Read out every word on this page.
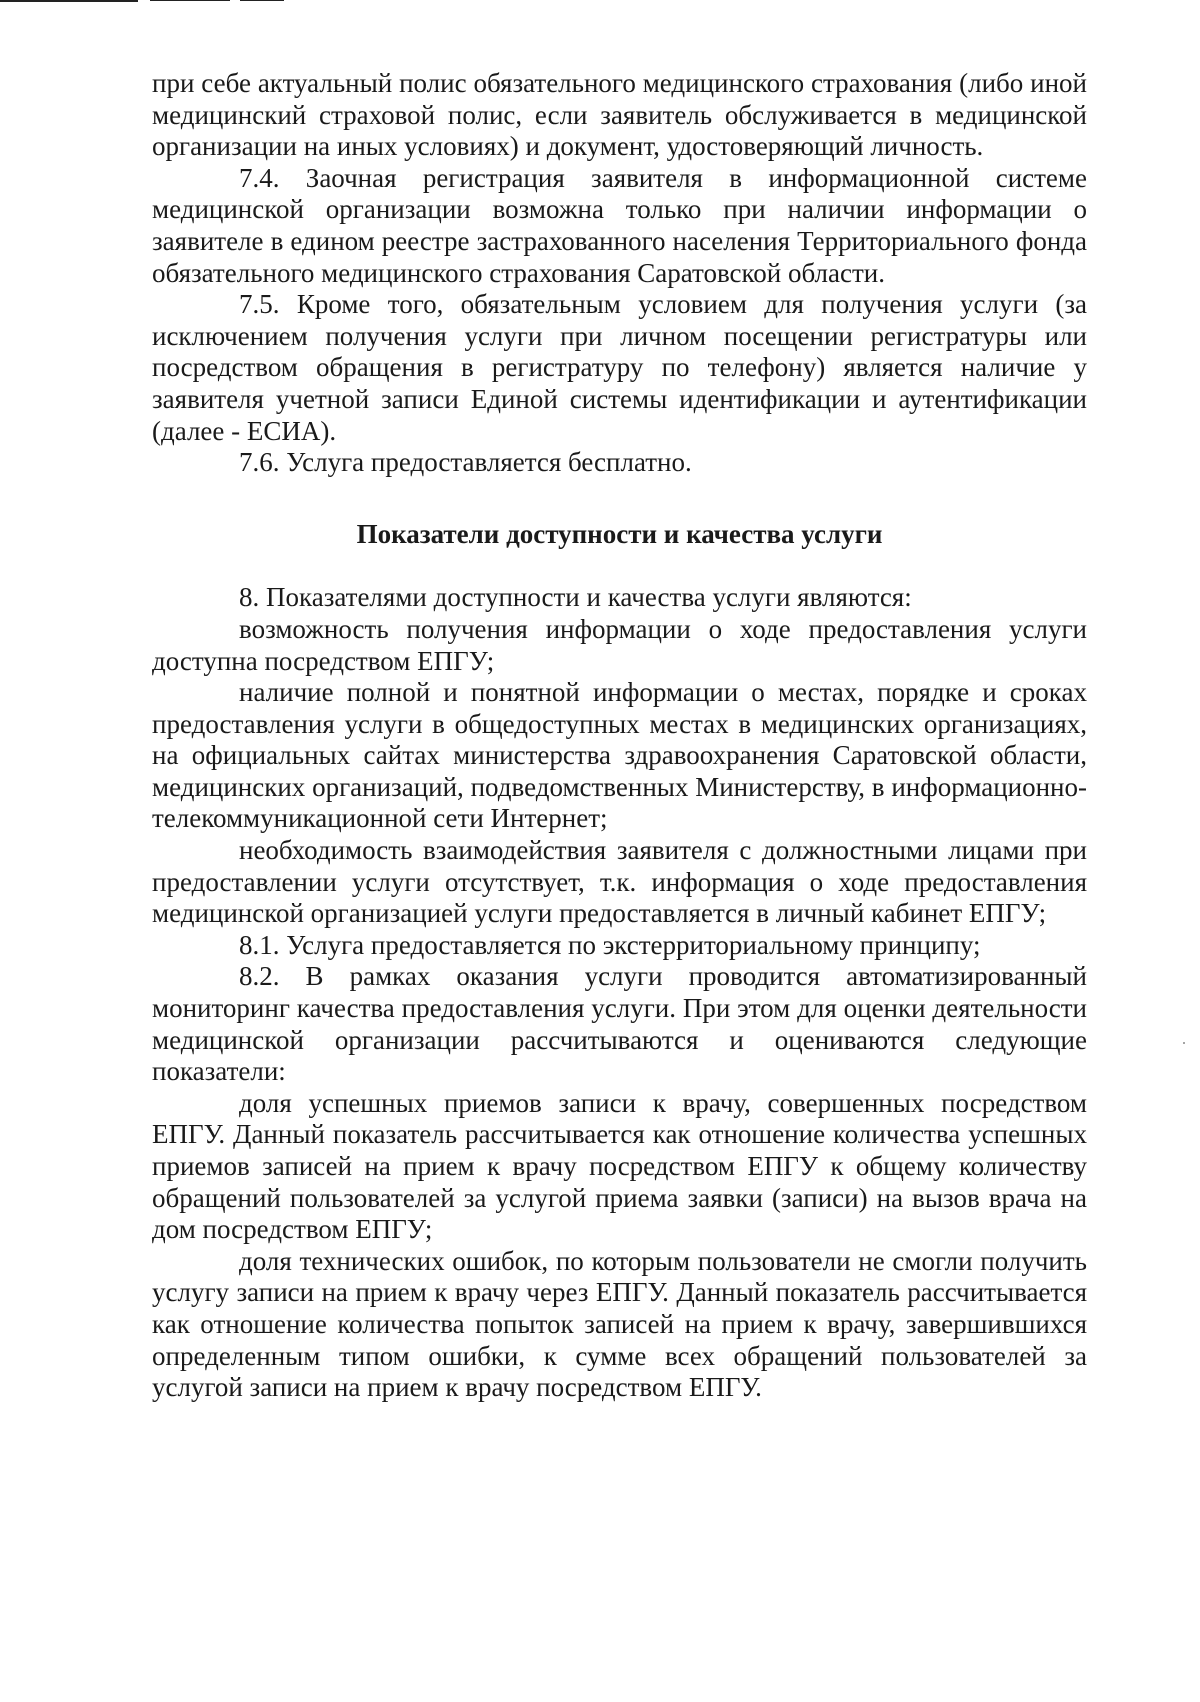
при себе актуальный полис обязательного медицинского страхования (либо иной медицинский страховой полис, если заявитель обслуживается в медицинской организации на иных условиях) и документ, удостоверяющий личность.

7.4. Заочная регистрация заявителя в информационной системе медицинской организации возможна только при наличии информации о заявителе в едином реестре застрахованного населения Территориального фонда обязательного медицинского страхования Саратовской области.

7.5. Кроме того, обязательным условием для получения услуги (за исключением получения услуги при личном посещении регистратуры или посредством обращения в регистратуру по телефону) является наличие у заявителя учетной записи Единой системы идентификации и аутентификации (далее - ЕСИА).

7.6. Услуга предоставляется бесплатно.

Показатели доступности и качества услуги

8. Показателями доступности и качества услуги являются:

возможность получения информации о ходе предоставления услуги доступна посредством ЕПГУ;

наличие полной и понятной информации о местах, порядке и сроках предоставления услуги в общедоступных местах в медицинских организациях, на официальных сайтах министерства здравоохранения Саратовской области, медицинских организаций, подведомственных Министерству, в информационно-телекоммуникационной сети Интернет;

необходимость взаимодействия заявителя с должностными лицами при предоставлении услуги отсутствует, т.к. информация о ходе предоставления медицинской организацией услуги предоставляется в личный кабинет ЕПГУ;

8.1. Услуга предоставляется по экстерриториальному принципу;

8.2. В рамках оказания услуги проводится автоматизированный мониторинг качества предоставления услуги. При этом для оценки деятельности медицинской организации рассчитываются и оцениваются следующие показатели:

доля успешных приемов записи к врачу, совершенных посредством ЕПГУ. Данный показатель рассчитывается как отношение количества успешных приемов записей на прием к врачу посредством ЕПГУ к общему количеству обращений пользователей за услугой приема заявки (записи) на вызов врача на дом посредством ЕПГУ;

доля технических ошибок, по которым пользователи не смогли получить услугу записи на прием к врачу через ЕПГУ. Данный показатель рассчитывается как отношение количества попыток записей на прием к врачу, завершившихся определенным типом ошибки, к сумме всех обращений пользователей за услугой записи на прием к врачу посредством ЕПГУ.
